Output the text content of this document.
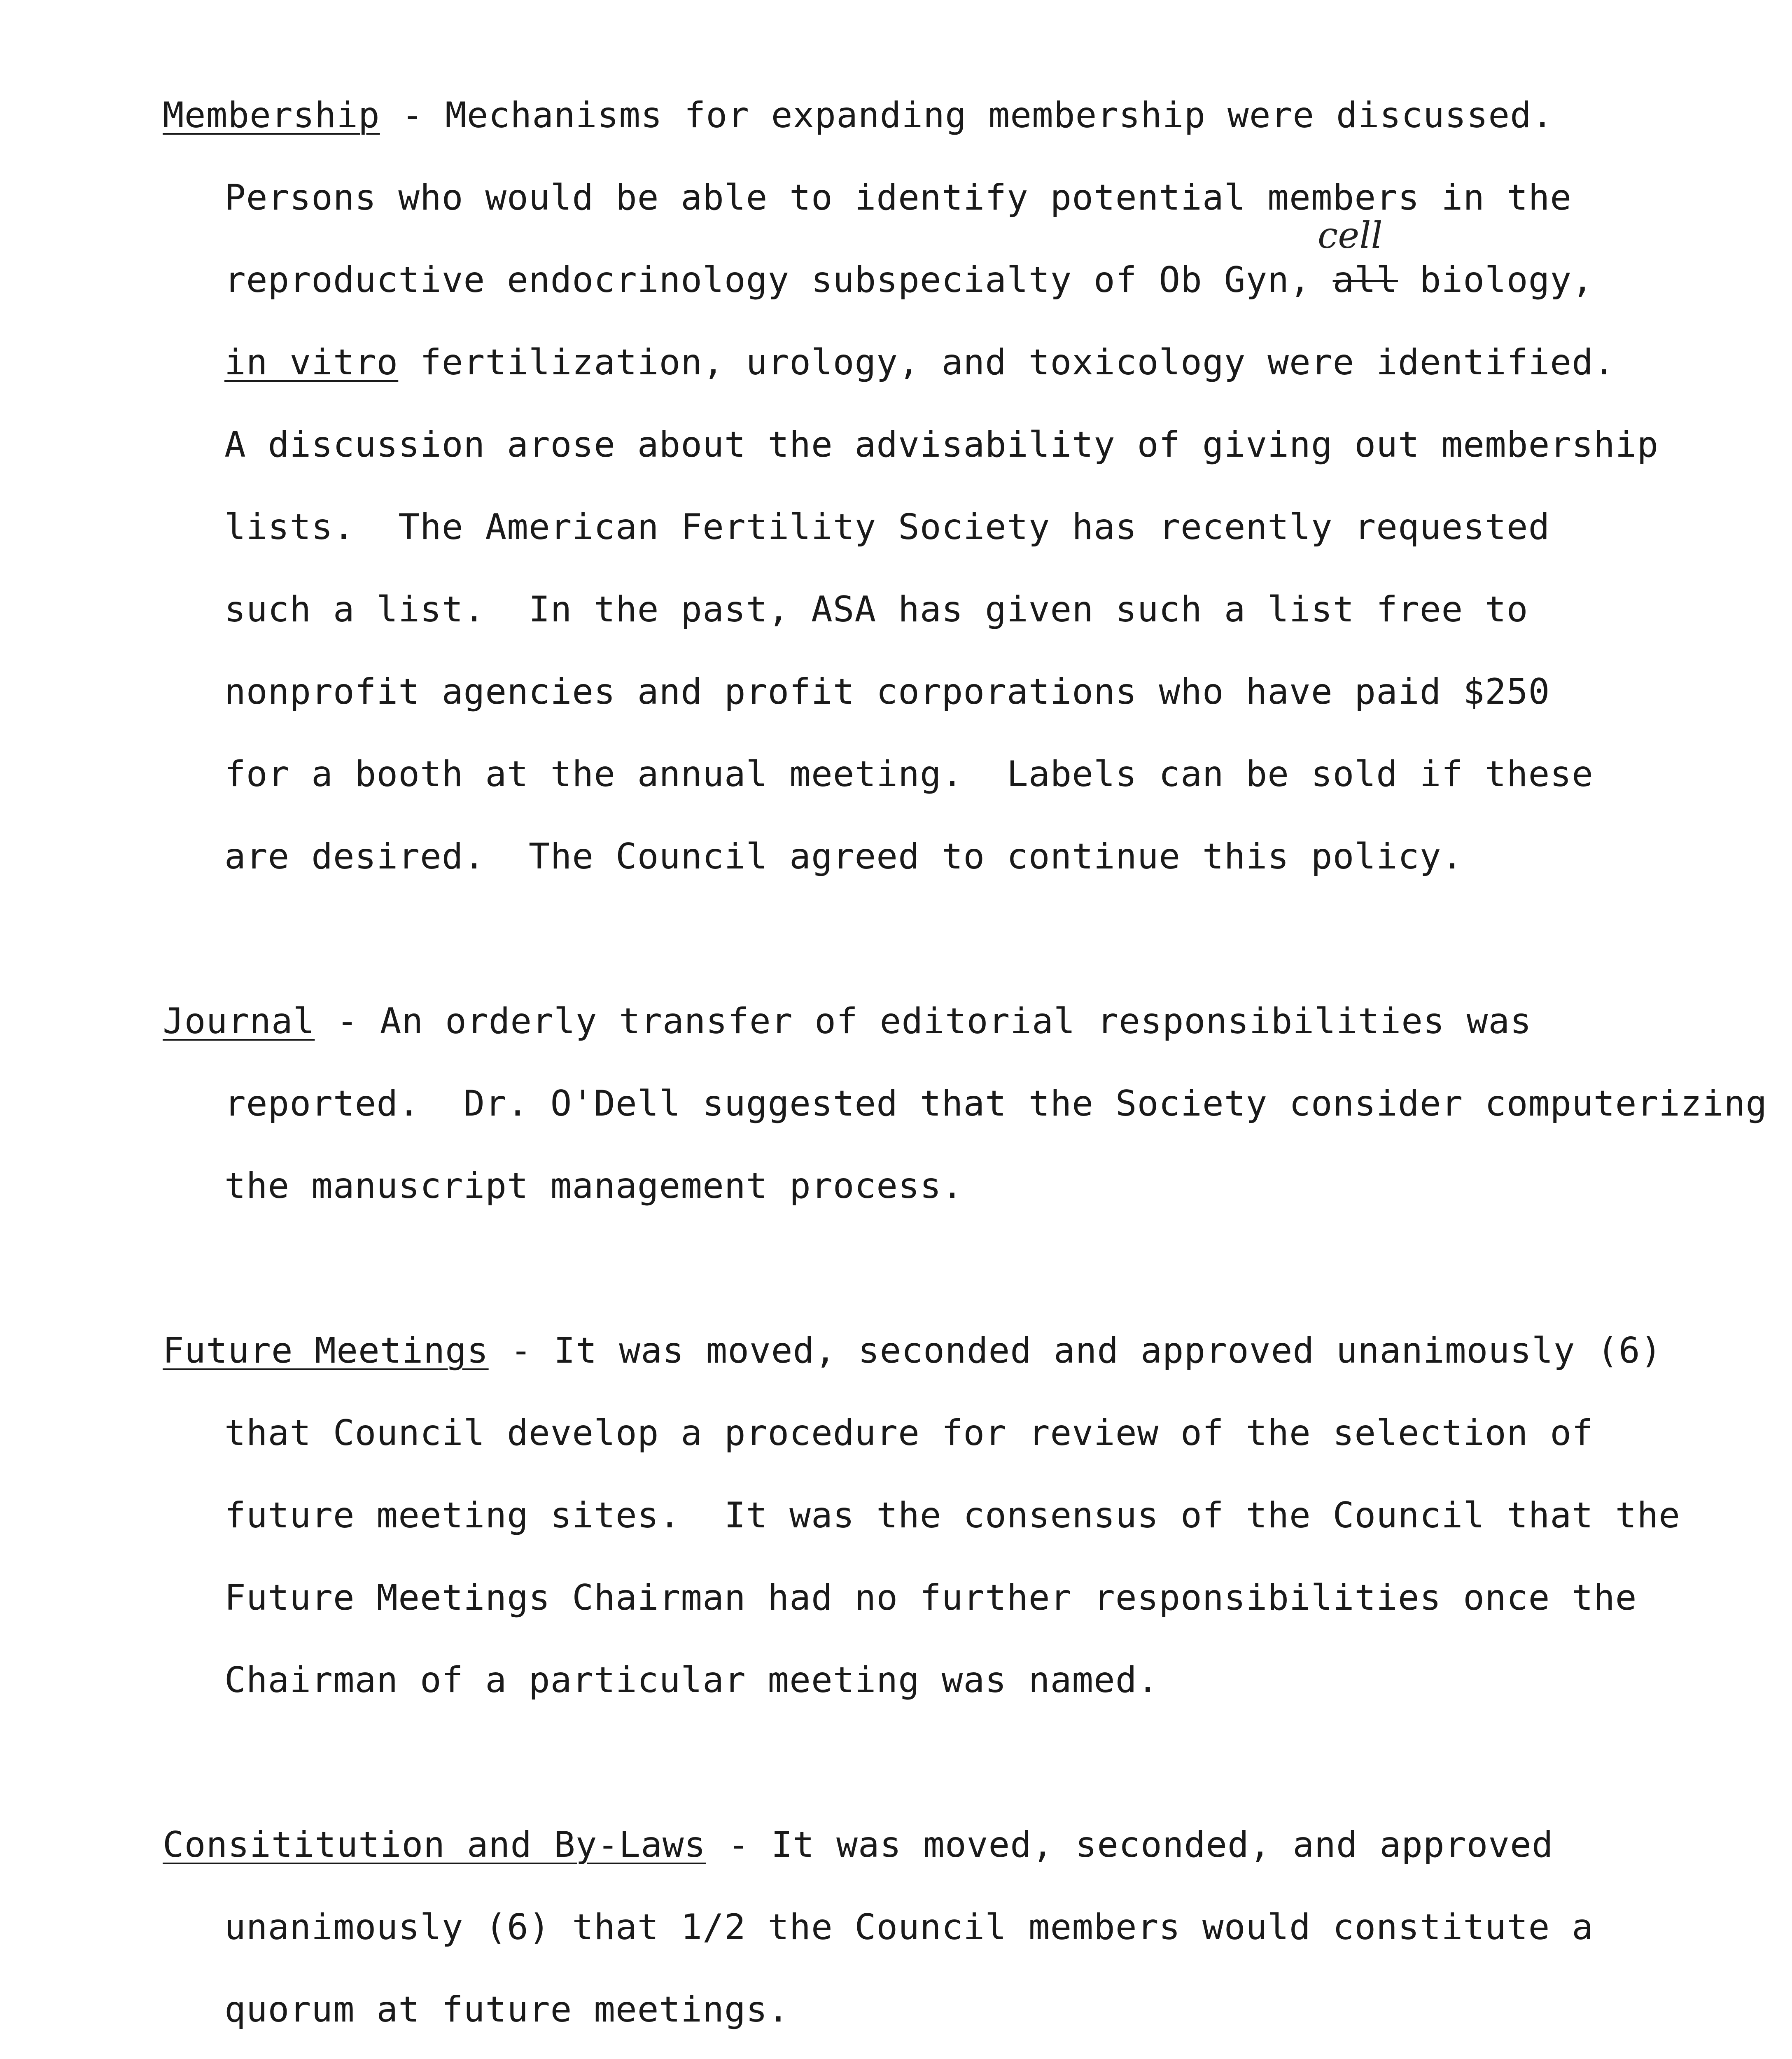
Membership - Mechanisms for expanding membership were discussed.
Persons who would be able to identify potential members in the
cell
reproductive endocrinology subspecialty of Ob Gyn, all biology,
in vitro fertilization, urology, and toxicology were identified.
A discussion arose about the advisability of giving out membership
lists.  The American Fertility Society has recently requested
such a list.  In the past, ASA has given such a list free to
nonprofit agencies and profit corporations who have paid $250
for a booth at the annual meeting.  Labels can be sold if these
are desired.  The Council agreed to continue this policy.
Journal - An orderly transfer of editorial responsibilities was
reported.  Dr. O'Dell suggested that the Society consider computerizing
the manuscript management process.
Future Meetings - It was moved, seconded and approved unanimously (6)
that Council develop a procedure for review of the selection of
future meeting sites.  It was the consensus of the Council that the
Future Meetings Chairman had no further responsibilities once the
Chairman of a particular meeting was named.
Consititution and By-Laws - It was moved, seconded, and approved
unanimously (6) that 1/2 the Council members would constitute a
quorum at future meetings.
